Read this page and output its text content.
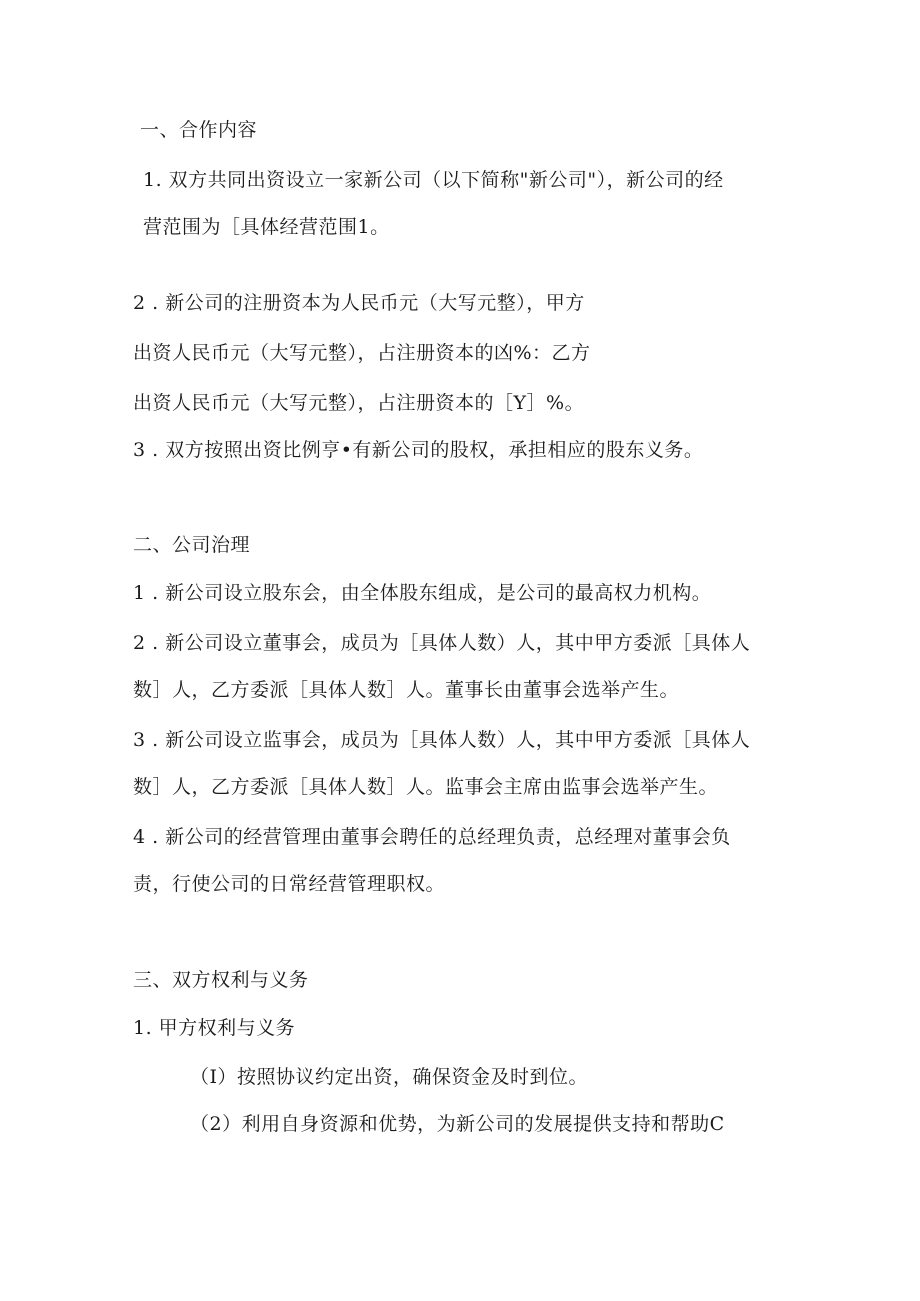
一、合作内容
1. 双方共同出资设立一家新公司（以下简称"新公司"），新公司的经
营范围为［具体经营范围1。
2 . 新公司的注册资本为人民币元（大写元整），甲方
出资人民币元（大写元整），占注册资本的凶%：乙方
出资人民币元（大写元整），占注册资本的［Y］%。
3 . 双方按照出资比例亨•有新公司的股权，承担相应的股东义务。
二、公司治理
1 . 新公司设立股东会，由全体股东组成，是公司的最高权力机构。
2 . 新公司设立董事会，成员为［具体人数）人，其中甲方委派［具体人
数］人，乙方委派［具体人数］人。董事长由董事会选举产生。
3 . 新公司设立监事会，成员为［具体人数）人，其中甲方委派［具体人
数］人，乙方委派［具体人数］人。监事会主席由监事会选举产生。
4 . 新公司的经营管理由董事会聘任的总经理负责，总经理对董事会负
责，行使公司的日常经营管理职权。
三、双方权利与义务
1. 甲方权利与义务
（I）按照协议约定出资，确保资金及时到位。
（2）利用自身资源和优势，为新公司的发展提供支持和帮助C
